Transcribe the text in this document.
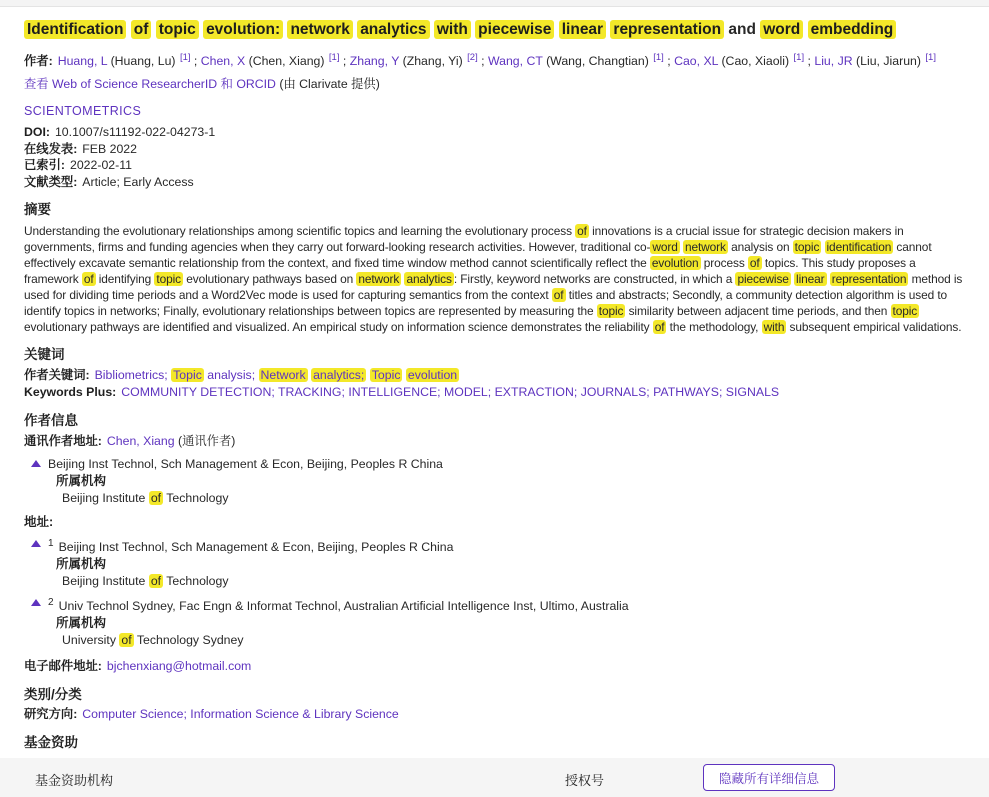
Identification of topic evolution: network analytics with piecewise linear representation and word embedding

作者: Huang, L (Huang, Lu) [1] ; Chen, X (Chen, Xiang) [1] ; Zhang, Y (Zhang, Yi) [2] ; Wang, CT (Wang, Changtian) [1] ; Cao, XL (Cao, Xiaoli) [1] ; Liu, JR (Liu, Jiarun) [1]

查看 Web of Science ResearcherID 和 ORCID (由 Clarivate 提供)

SCIENTOMETRICS

DOI: 10.1007/s11192-022-04273-1

在线发表: FEB 2022

已索引: 2022-02-11

文献类型: Article; Early Access

摘要

Understanding the evolutionary relationships among scientific topics and learning the evolutionary process of innovations is a crucial issue for strategic decision makers in governments, firms and funding agencies when they carry out forward-looking research activities. However, traditional co- word network analysis on topic identification cannot effectively excavate semantic relationship from the context, and fixed time window method cannot scientifically reflect the evolution process of topics. This study proposes a framework of identifying topic evolutionary pathways based on network analytics : Firstly, keyword networks are constructed, in which a piecewise linear representation method is used for dividing time periods and a Word2Vec mode is used for capturing semantics from the context of titles and abstracts; Secondly, a community detection algorithm is used to identify topics in networks; Finally, evolutionary relationships between topics are represented by measuring the topic similarity between adjacent time periods, and then topic evolutionary pathways are identified and visualized. An empirical study on information science demonstrates the reliability of the methodology, with subsequent empirical validations.

关键词

作者关键词: Bibliometrics; Topic analysis; Network analytics; Topic evolution

Keywords Plus: COMMUNITY DETECTION; TRACKING; INTELLIGENCE; MODEL; EXTRACTION; JOURNALS; PATHWAYS; SIGNALS

作者信息

通讯作者地址: Chen, Xiang (通讯作者)

Beijing Inst Technol, Sch Management & Econ, Beijing, Peoples R China

所属机构

Beijing Institute of Technology

地址:

$^1$ Beijing Inst Technol, Sch Management & Econ, Beijing, Peoples R China

所属机构

Beijing Institute of Technology

$^2$ Univ Technol Sydney, Fac Engn & Informat Technol, Australian Artificial Intelligence Inst, Ultimo, Australia

所属机构

University of Technology Sydney

电子邮件地址: bjchenxiang@hotmail.com

类别/分类

研究方向: Computer Science; Information Science & Library Science

基金资助
基金资助机构	授权号	隐藏所有详细信息
